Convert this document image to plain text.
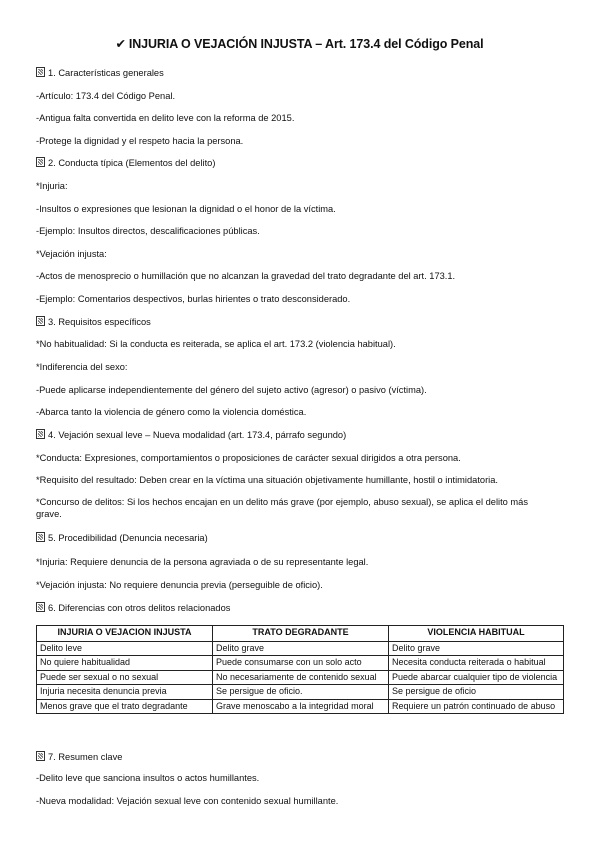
✔ INJURIA O VEJACIÓN INJUSTA – Art. 173.4 del Código Penal
1. Características generales
-Artículo: 173.4 del Código Penal.
-Antigua falta convertida en delito leve con la reforma de 2015.
-Protege la dignidad y el respeto hacia la persona.
2. Conducta típica (Elementos del delito)
*Injuria:
-Insultos o expresiones que lesionan la dignidad o el honor de la víctima.
-Ejemplo: Insultos directos, descalificaciones públicas.
*Vejación injusta:
-Actos de menosprecio o humillación que no alcanzan la gravedad del trato degradante del art. 173.1.
-Ejemplo: Comentarios despectivos, burlas hirientes o trato desconsiderado.
3. Requisitos específicos
*No habitualidad: Si la conducta es reiterada, se aplica el art. 173.2 (violencia habitual).
*Indiferencia del sexo:
-Puede aplicarse independientemente del género del sujeto activo (agresor) o pasivo (víctima).
-Abarca tanto la violencia de género como la violencia doméstica.
4. Vejación sexual leve – Nueva modalidad (art. 173.4, párrafo segundo)
*Conducta: Expresiones, comportamientos o proposiciones de carácter sexual dirigidos a otra persona.
*Requisito del resultado: Deben crear en la víctima una situación objetivamente humillante, hostil o intimidatoria.
*Concurso de delitos: Si los hechos encajan en un delito más grave (por ejemplo, abuso sexual), se aplica el delito más grave.
5. Procedibilidad (Denuncia necesaria)
*Injuria: Requiere denuncia de la persona agraviada o de su representante legal.
*Vejación injusta: No requiere denuncia previa (perseguible de oficio).
6. Diferencias con otros delitos relacionados
7. Resumen clave
-Delito leve que sanciona insultos o actos humillantes.
-Nueva modalidad: Vejación sexual leve con contenido sexual humillante.
INJURIA O VEJACION INJUSTA	TRATO DEGRADANTE	VIOLENCIA HABITUAL
Delito leve	Delito grave	Delito grave
No quiere habitualidad	Puede consumarse con un solo acto	Necesita conducta reiterada o habitual
Puede ser sexual o no sexual	No necesariamente de contenido sexual	Puede abarcar cualquier tipo de violencia
Injuria necesita denuncia previa	Se persigue de oficio.	Se persigue de oficio
Menos grave que el trato degradante	Grave menoscabo a la integridad moral	Requiere un patrón continuado de abuso
